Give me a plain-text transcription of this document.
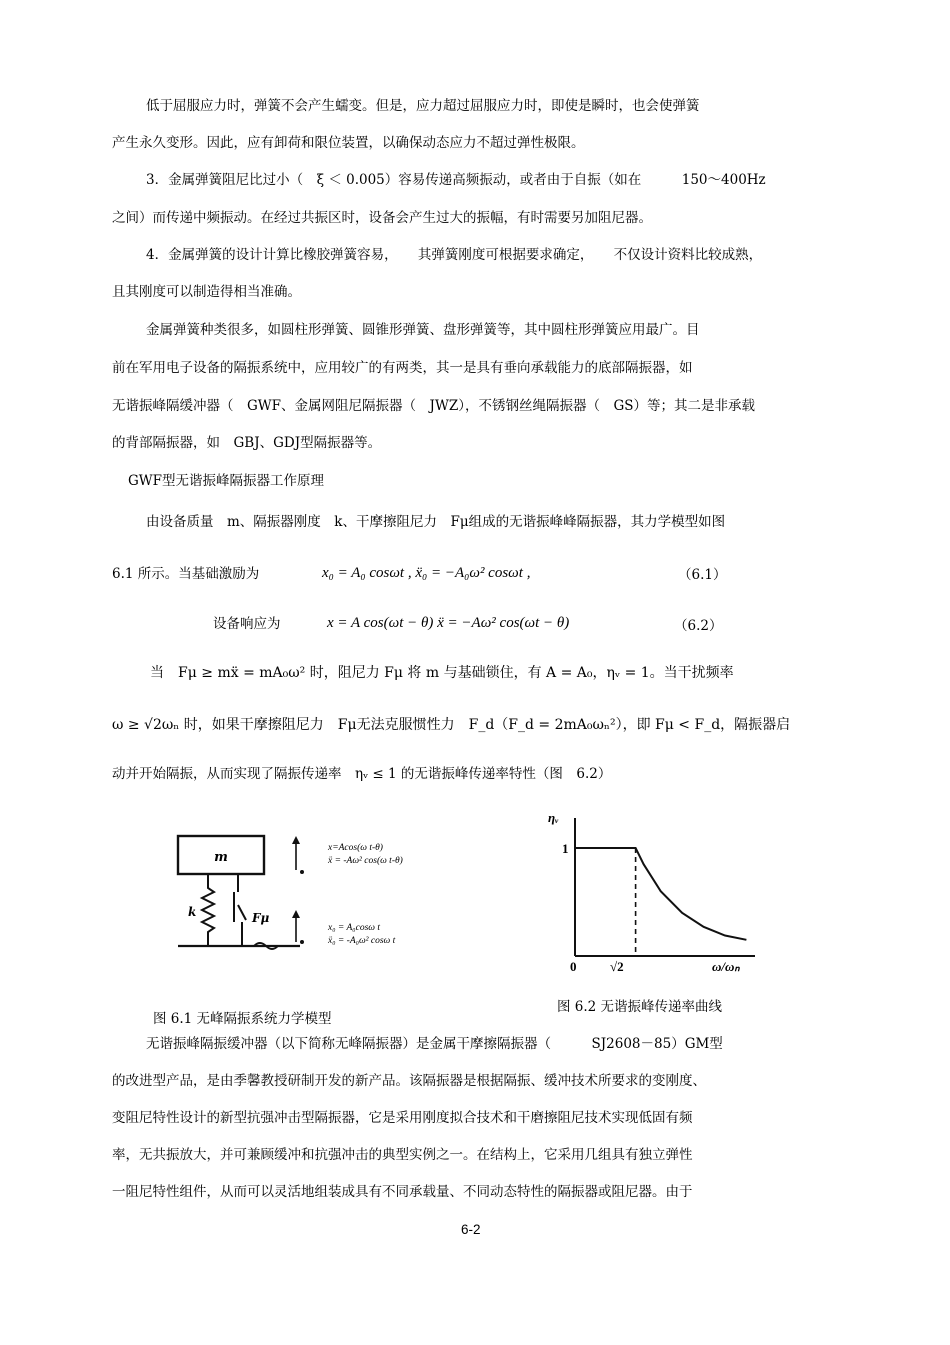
低于屈服应力时，弹簧不会产生蠕变。但是，应力超过屈服应力时，即使是瞬时，也会使弹簧
产生永久变形。因此，应有卸荷和限位装置，以确保动态应力不超过弹性极限。
3．金属弹簧阻尼比过小（　ξ ＜ 0.005）容易传递高频振动，或者由于自振（如在　　　150～400Hz
之间）而传递中频振动。在经过共振区时，设备会产生过大的振幅，有时需要另加阻尼器。
4．金属弹簧的设计计算比橡胶弹簧容易，　　其弹簧刚度可根据要求确定，　　不仅设计资料比较成熟，
且其刚度可以制造得相当准确。
金属弹簧种类很多，如圆柱形弹簧、圆锥形弹簧、盘形弹簧等，其中圆柱形弹簧应用最广。目
前在军用电子设备的隔振系统中，应用较广的有两类，其一是具有垂向承载能力的底部隔振器，如
无谐振峰隔缓冲器（　GWF、金属网阻尼隔振器（　JWZ），不锈钢丝绳隔振器（　GS）等；其二是非承载
的背部隔振器，如　GBJ、GDJ型隔振器等。
GWF型无谐振峰隔振器工作原理
由设备质量　m、隔振器刚度　k、干摩擦阻尼力　Fμ组成的无谐振峰峰隔振器，其力学模型如图
6.1 所示。当基础激励为	x₀ = A₀ cosωt , ẍ₀ = −A₀ω² cosωt ,	（6.1）
设备响应为	x = A cos(ωt − θ) ẍ = −Aω² cos(ωt − θ)	（6.2）
当　Fμ ≥ mẍ = mA₀ω² 时，阻尼力 Fμ 将 m 与基础锁住，有 A = A₀，ηᵥ = 1。当干扰频率
ω ≥ √2ωₙ 时，如果干摩擦阻尼力　Fμ无法克服惯性力　F_d（F_d = 2mA₀ωₙ²），即 Fμ < F_d，隔振器启
动并开始隔振，从而实现了隔振传递率　ηᵥ ≤ 1 的无谐振峰传递率特性（图　6.2）
m
k	Fμ
x=Acos(ω t-θ)
ẍ = -Aω² cos(ω t-θ)
x₀ = A₀cosω t
ẍ₀ = -A₀ω² cosω t
图 6.1 无峰隔振系统力学模型
ηᵥ
1
0	√2	ω/ωₙ
图 6.2 无谐振峰传递率曲线
无谐振峰隔振缓冲器（以下简称无峰隔振器）是金属干摩擦隔振器（　　　SJ2608－85）GM型
的改进型产品，是由季馨教授研制开发的新产品。该隔振器是根据隔振、缓冲技术所要求的变刚度、
变阻尼特性设计的新型抗强冲击型隔振器，它是采用刚度拟合技术和干磨擦阻尼技术实现低固有频
率，无共振放大，并可兼顾缓冲和抗强冲击的典型实例之一。在结构上，它采用几组具有独立弹性
一阻尼特性组件，从而可以灵活地组装成具有不同承载量、不同动态特性的隔振器或阻尼器。由于
6-2
